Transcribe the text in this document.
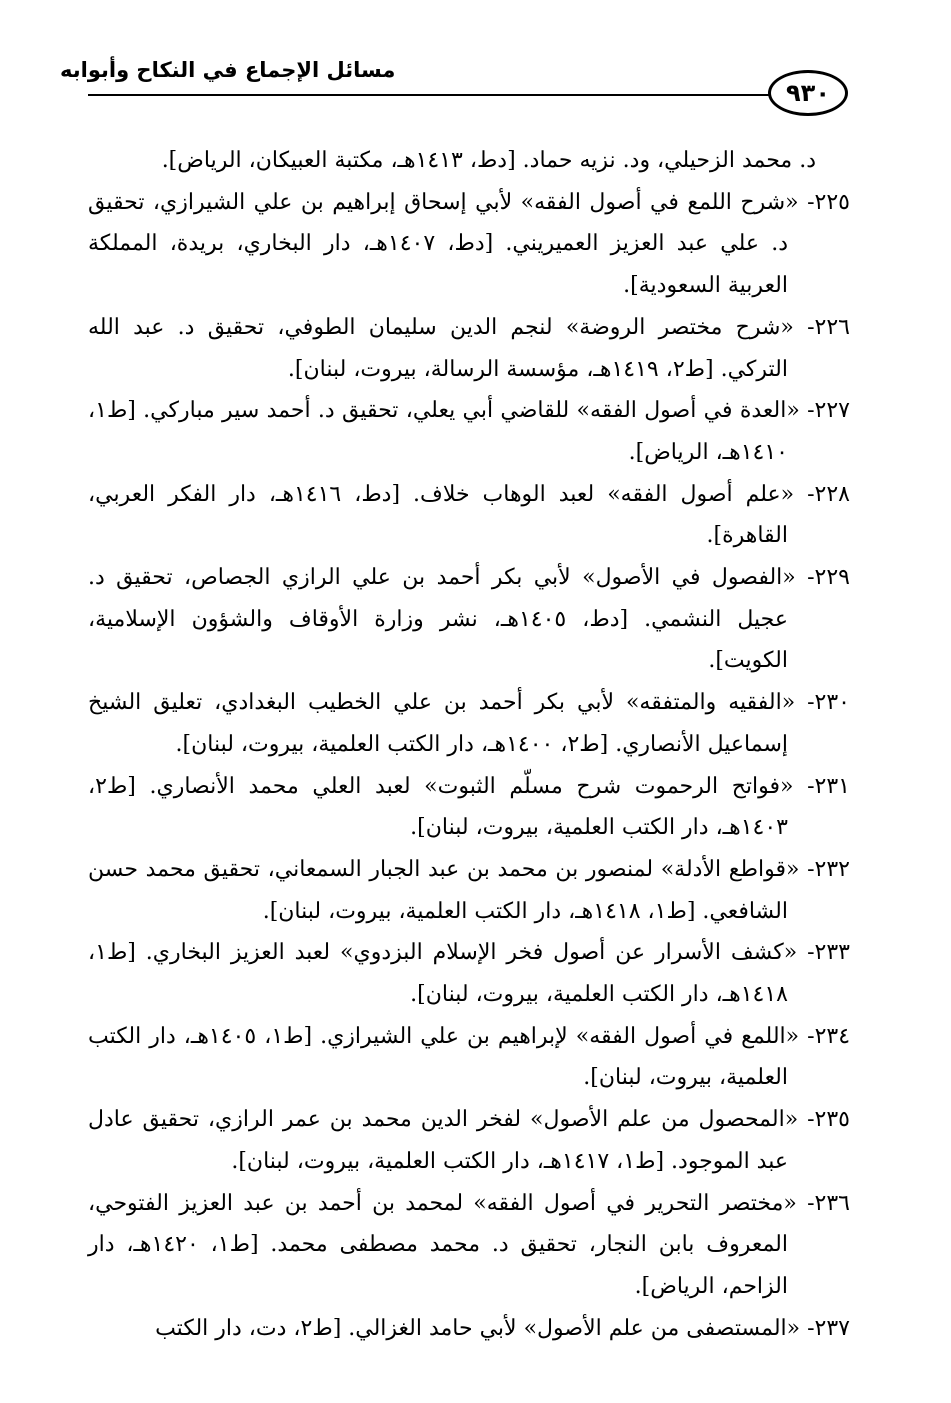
مسائل الإجماع في النكاح وأبوابه
٩٣٠

د. محمد الزحيلي، ود. نزيه حماد. [دط، ١٤١٣هـ، مكتبة العبيكان، الرياض].

٢٢٥- «شرح اللمع في أصول الفقه» لأبي إسحاق إبراهيم بن علي الشيرازي، تحقيق د. علي عبد العزيز العميريني. [دط، ١٤٠٧هـ، دار البخاري، بريدة، المملكة العربية السعودية].

٢٢٦- «شرح مختصر الروضة» لنجم الدين سليمان الطوفي، تحقيق د. عبد الله التركي. [ط٢، ١٤١٩هـ، مؤسسة الرسالة، بيروت، لبنان].

٢٢٧- «العدة في أصول الفقه» للقاضي أبي يعلي، تحقيق د. أحمد سير مباركي. [ط١، ١٤١٠هـ، الرياض].

٢٢٨- «علم أصول الفقه» لعبد الوهاب خلاف. [دط، ١٤١٦هـ، دار الفكر العربي، القاهرة].

٢٢٩- «الفصول في الأصول» لأبي بكر أحمد بن علي الرازي الجصاص، تحقيق د. عجيل النشمي. [دط، ١٤٠٥هـ، نشر وزارة الأوقاف والشؤون الإسلامية، الكويت].

٢٣٠- «الفقيه والمتفقه» لأبي بكر أحمد بن علي الخطيب البغدادي، تعليق الشيخ إسماعيل الأنصاري. [ط٢، ١٤٠٠هـ، دار الكتب العلمية، بيروت، لبنان].

٢٣١- «فواتح الرحموت شرح مسلّم الثبوت» لعبد العلي محمد الأنصاري. [ط٢، ١٤٠٣هـ، دار الكتب العلمية، بيروت، لبنان].

٢٣٢- «قواطع الأدلة» لمنصور بن محمد بن عبد الجبار السمعاني، تحقيق محمد حسن الشافعي. [ط١، ١٤١٨هـ، دار الكتب العلمية، بيروت، لبنان].

٢٣٣- «كشف الأسرار عن أصول فخر الإسلام البزدوي» لعبد العزيز البخاري. [ط١، ١٤١٨هـ، دار الكتب العلمية، بيروت، لبنان].

٢٣٤- «اللمع في أصول الفقه» لإبراهيم بن علي الشيرازي. [ط١، ١٤٠٥هـ، دار الكتب العلمية، بيروت، لبنان].

٢٣٥- «المحصول من علم الأصول» لفخر الدين محمد بن عمر الرازي، تحقيق عادل عبد الموجود. [ط١، ١٤١٧هـ، دار الكتب العلمية، بيروت، لبنان].

٢٣٦- «مختصر التحرير في أصول الفقه» لمحمد بن أحمد بن عبد العزيز الفتوحي، المعروف بابن النجار، تحقيق د. محمد مصطفى محمد. [ط١، ١٤٢٠هـ، دار الزاحم، الرياض].

٢٣٧- «المستصفى من علم الأصول» لأبي حامد الغزالي. [ط٢، دت، دار الكتب
